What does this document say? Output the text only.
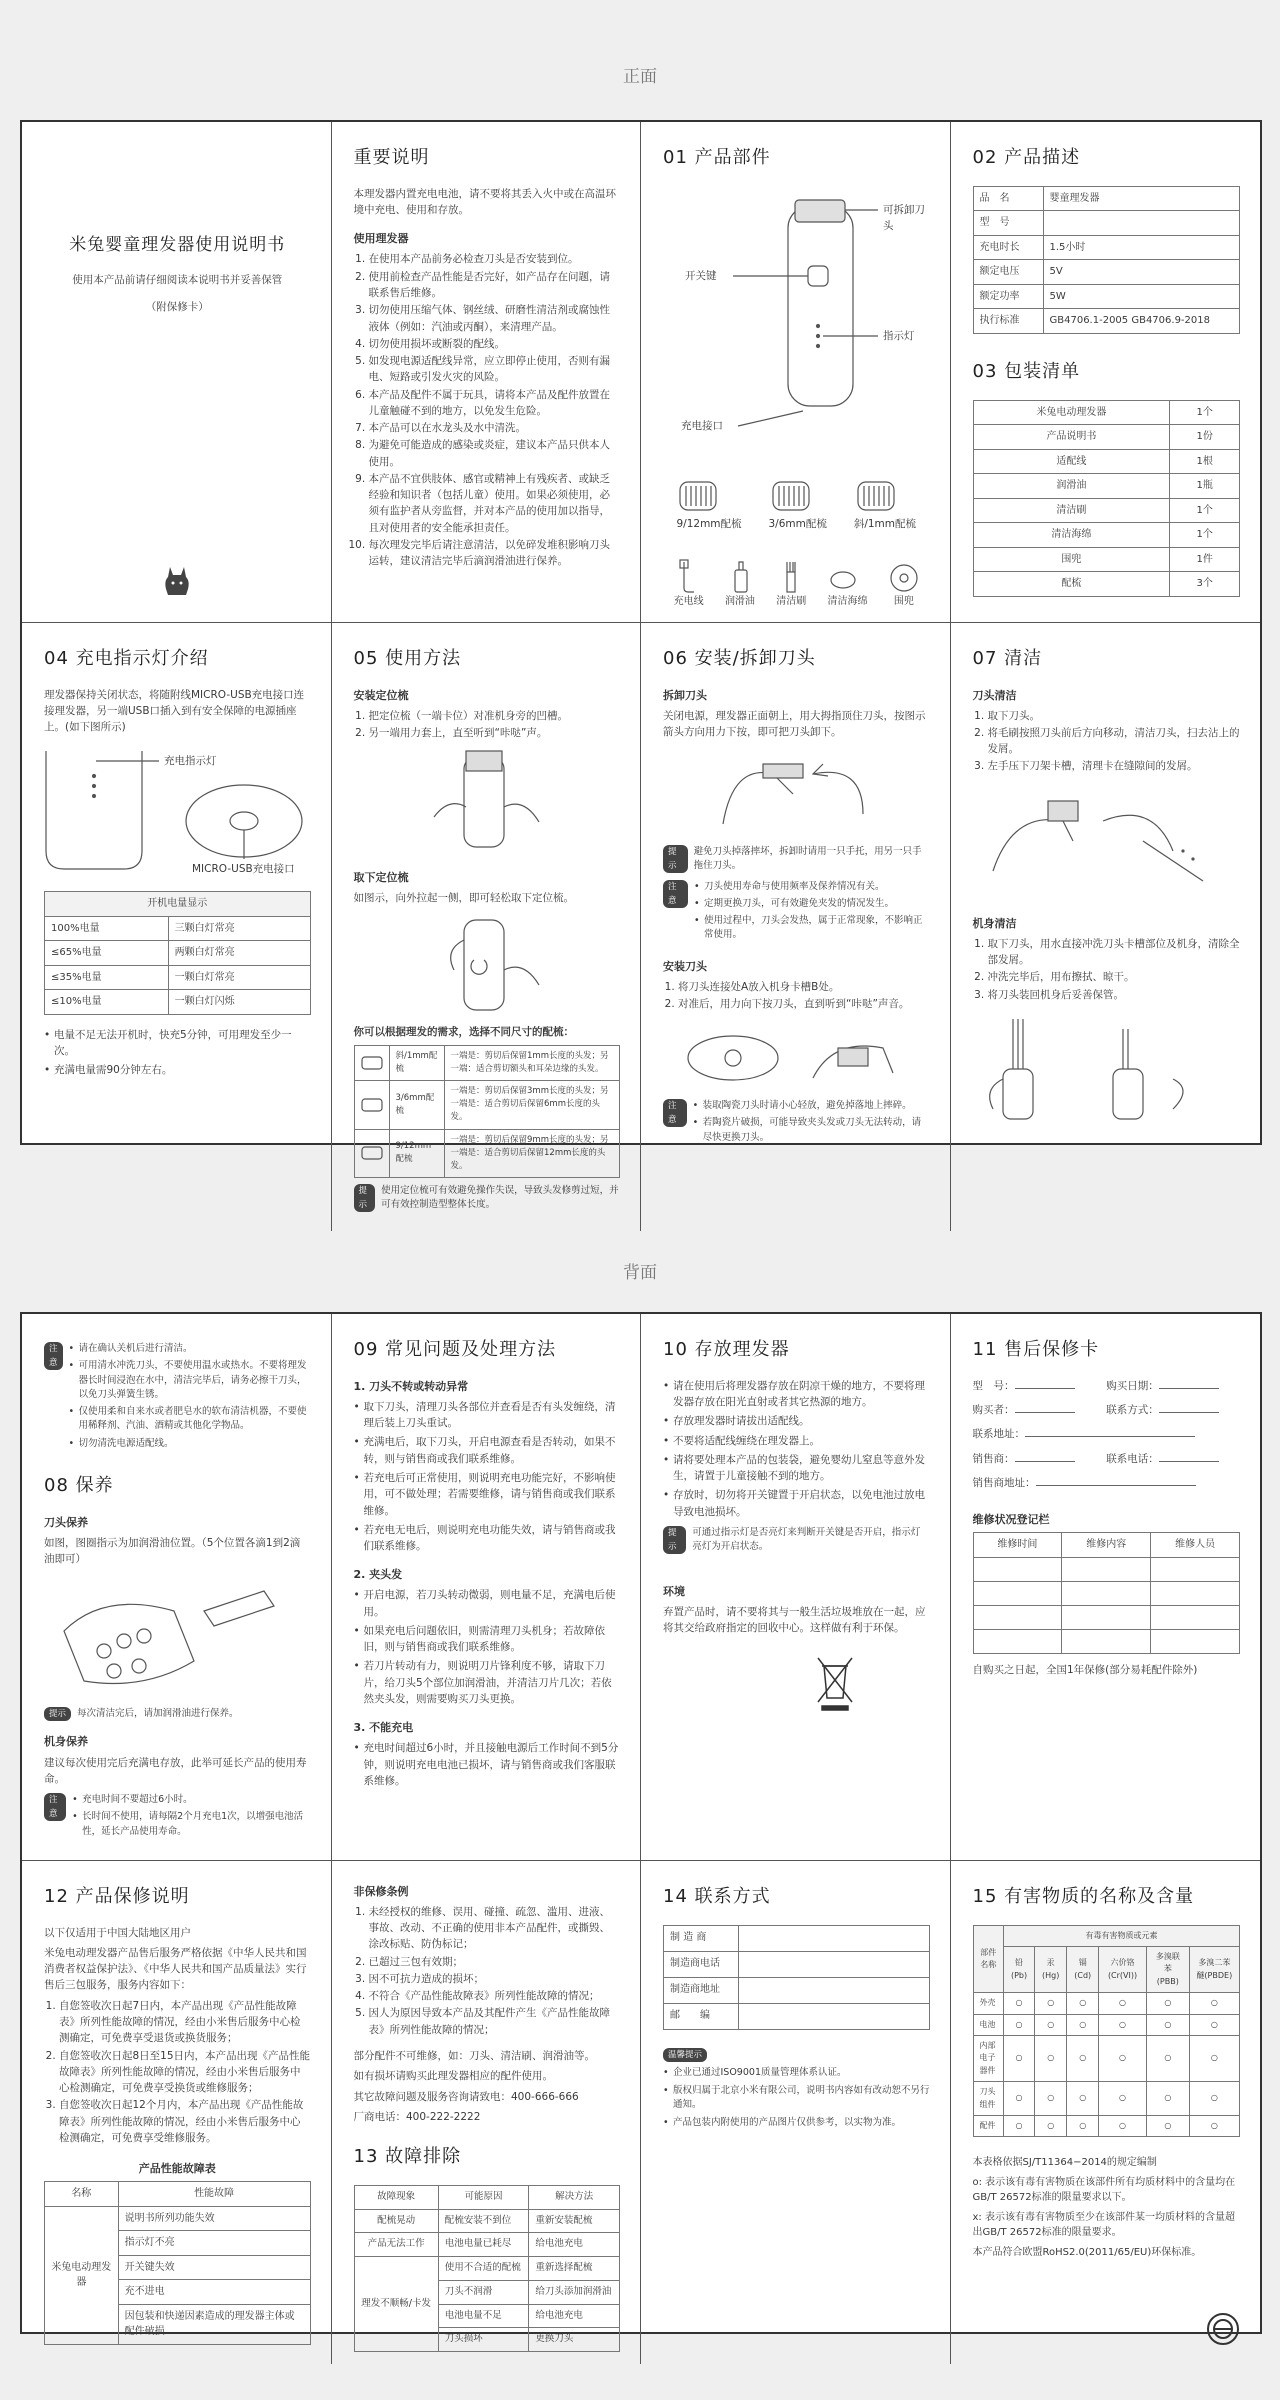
正面
米兔婴童理发器使用说明书
使用本产品前请仔细阅读本说明书并妥善保管
（附保修卡）
重要说明

本理发器内置充电电池，请不要将其丢入火中或在高温环境中充电、使用和存放。

使用理发器
1. 在使用本产品前务必检查刀头是否安装到位。
2. 使用前检查产品性能是否完好，如产品存在问题，请联系售后维修。
3. 切勿使用压缩气体、钢丝绒、研磨性清洁剂或腐蚀性液体（例如：汽油或丙酮），来清理产品。
4. 切勿使用损坏或断裂的配线。
5. 如发现电源适配线异常，应立即停止使用，否则有漏电、短路或引发火灾的风险。
6. 本产品及配件不属于玩具，请将本产品及配件放置在儿童触碰不到的地方，以免发生危险。
7. 本产品可以在水龙头及水中清洗。
8. 为避免可能造成的感染或炎症，建议本产品只供本人使用。
9. 本产品不宜供肢体、感官或精神上有残疾者、或缺乏经验和知识者（包括儿童）使用。如果必须使用，必须有监护者从旁监督，并对本产品的使用加以指导，且对使用者的安全能承担责任。
10. 每次理发完毕后请注意清洁，以免碎发堆积影响刀头运转，建议清洁完毕后滴润滑油进行保养。
01 产品部件
可拆卸刀头
开关键
指示灯
充电接口
9/12mm配梳	3/6mm配梳	斜/1mm配梳
充电线 润滑油 清洁刷 清洁海绵	围兜
02 产品描述
品　名	婴童理发器
型　号	
充电时长	1.5小时
额定电压	5V
额定功率	5W
执行标准	GB4706.1-2005 GB4706.9-2018
03 包装清单
米兔电动理发器	1个
产品说明书	1份
适配线	1根
润滑油	1瓶
清洁刷	1个
清洁海绵	1个
围兜	1件
配梳	3个
04 充电指示灯介绍

理发器保持关闭状态，将随附线MICRO-USB充电接口连接理发器，另一端USB口插入到有安全保障的电源插座上。(如下图所示)

充电指示灯
MICRO-USB充电接口
开机电量显示	
100%电量	三颗白灯常亮
≤65%电量	两颗白灯常亮
≤35%电量	一颗白灯常亮
≤10%电量	一颗白灯闪烁
• 电量不足无法开机时，快充5分钟，可用理发至少一次。
• 充满电量需90分钟左右。
05 使用方法
安装定位梳
1. 把定位梳（一端卡位）对准机身旁的凹槽。
2. 另一端用力套上，直至听到“咔哒”声。
取下定位梳

如图示，向外拉起一侧，即可轻松取下定位梳。

你可以根据理发的需求，选择不同尺寸的配梳：

	斜/1mm配梳	一端是：剪切后保留1mm长度的头发；另一端：适合剪切额头和耳朵边缘的头发。

	3/6mm配梳	一端是：剪切后保留3mm长度的头发；另一端是：适合剪切后保留6mm长度的头发。

	9/12mm配梳	一端是：剪切后保留9mm长度的头发；另一端是：适合剪切后保留12mm长度的头发。
提示
使用定位梳可有效避免操作失误，导致头发修剪过短，并可有效控制造型整体长度。
06 安装/拆卸刀头
拆卸刀头

关闭电源，理发器正面朝上，用大拇指顶住刀头，按图示箭头方向用力下按，即可把刀头卸下。

提示
避免刀头掉落摔坏，拆卸时请用一只手托，用另一只手拖住刀头。
注意
• 刀头使用寿命与使用频率及保养情况有关。
• 定期更换刀头，可有效避免夹发的情况发生。
• 使用过程中，刀头会发热，属于正常现象，不影响正常使用。
安装刀头
1. 将刀头连接处A放入机身卡槽B处。
2. 对准后，用力向下按刀头，直到听到“咔哒”声音。
注意
• 装取陶瓷刀头时请小心轻放，避免掉落地上摔碎。
• 若陶瓷片破损，可能导致夹头发或刀头无法转动，请尽快更换刀头。
07 清洁
刀头清洁
1. 取下刀头。
2. 将毛刷按照刀头前后方向移动，清洁刀头，扫去沾上的发屑。
3. 左手压下刀架卡槽，清理卡在缝隙间的发屑。
机身清洁
1. 取下刀头，用水直接冲洗刀头卡槽部位及机身，清除全部发屑。
2. 冲洗完毕后，用布擦拭、晾干。
3. 将刀头装回机身后妥善保管。
背面
注意
• 请在确认关机后进行清洁。
• 可用清水冲洗刀头，不要使用温水或热水。不要将理发器长时间浸泡在水中，清洁完毕后，请务必擦干刀头，以免刀头弹簧生锈。
• 仅使用柔和自来水或者肥皂水的软布清洁机器，不要使用稀释剂、汽油、酒精或其他化学物品。
• 切勿清洗电源适配线。
08 保养
刀头保养

如图，图圈指示为加润滑油位置。（5个位置各滴1到2滴油即可）

提示	每次清洁完后，请加润滑油进行保养。
机身保养

建议每次使用完后充满电存放，此举可延长产品的使用寿命。

注意
• 充电时间不要超过6小时。
• 长时间不使用，请每隔2个月充电1次，以增强电池活性，延长产品使用寿命。
09 常见问题及处理方法
1. 刀头不转或转动异常
• 取下刀头，清理刀头各部位并查看是否有头发缠绕，清理后装上刀头重试。
• 充满电后，取下刀头，开启电源查看是否转动，如果不转，则与销售商或我们联系维修。
• 若充电后可正常使用，则说明充电功能完好，不影响使用，可不做处理；若需要维修，请与销售商或我们联系维修。
• 若充电无电后，则说明充电功能失效，请与销售商或我们联系维修。
2. 夹头发
• 开启电源，若刀头转动微弱，则电量不足，充满电后使用。
• 如果充电后问题依旧，则需清理刀头机身；若故障依旧，则与销售商或我们联系维修。
• 若刀片转动有力，则说明刀片锋利度不够，请取下刀片，给刀头5个部位加润滑油，并清洁刀片几次；若依然夹头发，则需要购买刀头更换。
3. 不能充电
• 充电时间超过6小时，并且接触电源后工作时间不到5分钟，则说明充电电池已损坏，请与销售商或我们客服联系维修。
10 存放理发器
• 请在使用后将理发器存放在阴凉干燥的地方，不要将理发器存放在阳光直射或者其它热源的地方。
• 存放理发器时请拔出适配线。
• 不要将适配线缠绕在理发器上。
• 请将要处理本产品的包装袋，避免婴幼儿窒息等意外发生，请置于儿童接触不到的地方。
• 存放时，切勿将开关键置于开启状态，以免电池过放电导致电池损坏。
提示
可通过指示灯是否亮灯来判断开关键是否开启，指示灯亮灯为开启状态。
环境

弃置产品时，请不要将其与一般生活垃圾堆放在一起，应将其交给政府指定的回收中心。这样做有利于环保。

11 售后保修卡
型　号：	购买日期：
购买者：	联系方式：
联系地址：
销售商：	联系电话：
销售商地址：
维修状况登记栏
维修时间	维修内容	维修人员

自购买之日起，全国1年保修(部分易耗配件除外)

12 产品保修说明

以下仅适用于中国大陆地区用户

米兔电动理发器产品售后服务严格依据《中华人民共和国消费者权益保护法》、《中华人民共和国产品质量法》实行售后三包服务，服务内容如下：

1. 自您签收次日起7日内，本产品出现《产品性能故障表》所列性能故障的情况，经由小米售后服务中心检测确定，可免费享受退货或换货服务；
2. 自您签收次日起8日至15日内，本产品出现《产品性能故障表》所列性能故障的情况，经由小米售后服务中心检测确定，可免费享受换货或维修服务；
3. 自您签收次日起12个月内，本产品出现《产品性能故障表》所列性能故障的情况，经由小米售后服务中心检测确定，可免费享受维修服务。
产品性能故障表
名称	性能故障
米兔电动理发器	说明书所列功能失效
	指示灯不亮
	开关键失效
	充不进电
	因包装和快递因素造成的理发器主体或配件破损
非保修条例
1. 未经授权的维修、误用、碰撞、疏忽、滥用、进液、事故、改动、不正确的使用非本产品配件，或撕毁、涂改标贴、防伪标记；
2. 已超过三包有效期；
3. 因不可抗力造成的损坏；
4. 不符合《产品性能故障表》所列性能故障的情况；
5. 因人为原因导致本产品及其配件产生《产品性能故障表》所列性能故障的情况；

部分配件不可维修，如：刀头、清洁刷、润滑油等。

如有损坏请购买此理发器相应的配件使用。

其它故障问题及服务咨询请致电：400-666-666

厂商电话：400-222-2222

13 故障排除
故障现象	可能原因	解决方法
配梳晃动	配梳安装不到位	重新安装配梳
产品无法工作	电池电量已耗尽	给电池充电
理发不顺畅/卡发	使用不合适的配梳	重新选择配梳
	刀头不润滑	给刀头添加润滑油
	电池电量不足	给电池充电
	刀头损坏	更换刀头
14 联系方式
制 造 商	
制造商电话	
制造商地址	
邮　　编	
温馨提示
• 企业已通过ISO9001质量管理体系认证。
• 版权归属于北京小米有限公司，说明书内容如有改动恕不另行通知。
• 产品包装内附使用的产品图片仅供参考，以实物为准。
15 有害物质的名称及含量
部件名称	有毒有害物质或元素					
	铅(Pb)	汞(Hg)	镉(Cd)	六价铬(Cr(VI))	多溴联苯(PBB)	多溴二苯醚(PBDE)
外壳	○	○	○	○	○	○
电池	○	○	○	○	○	○
内部电子器件	○	○	○	○	○	○
刀头组件	○	○	○	○	○	○
配件	○	○	○	○	○	○

本表格依据SJ/T11364−2014的规定编制

o: 表示该有毒有害物质在该部件所有均质材料中的含量均在GB/T 26572标准的限量要求以下。

x: 表示该有毒有害物质至少在该部件某一均质材料的含量超出GB/T 26572标准的限量要求。

本产品符合欧盟RoHS2.0(2011/65/EU)环保标准。
